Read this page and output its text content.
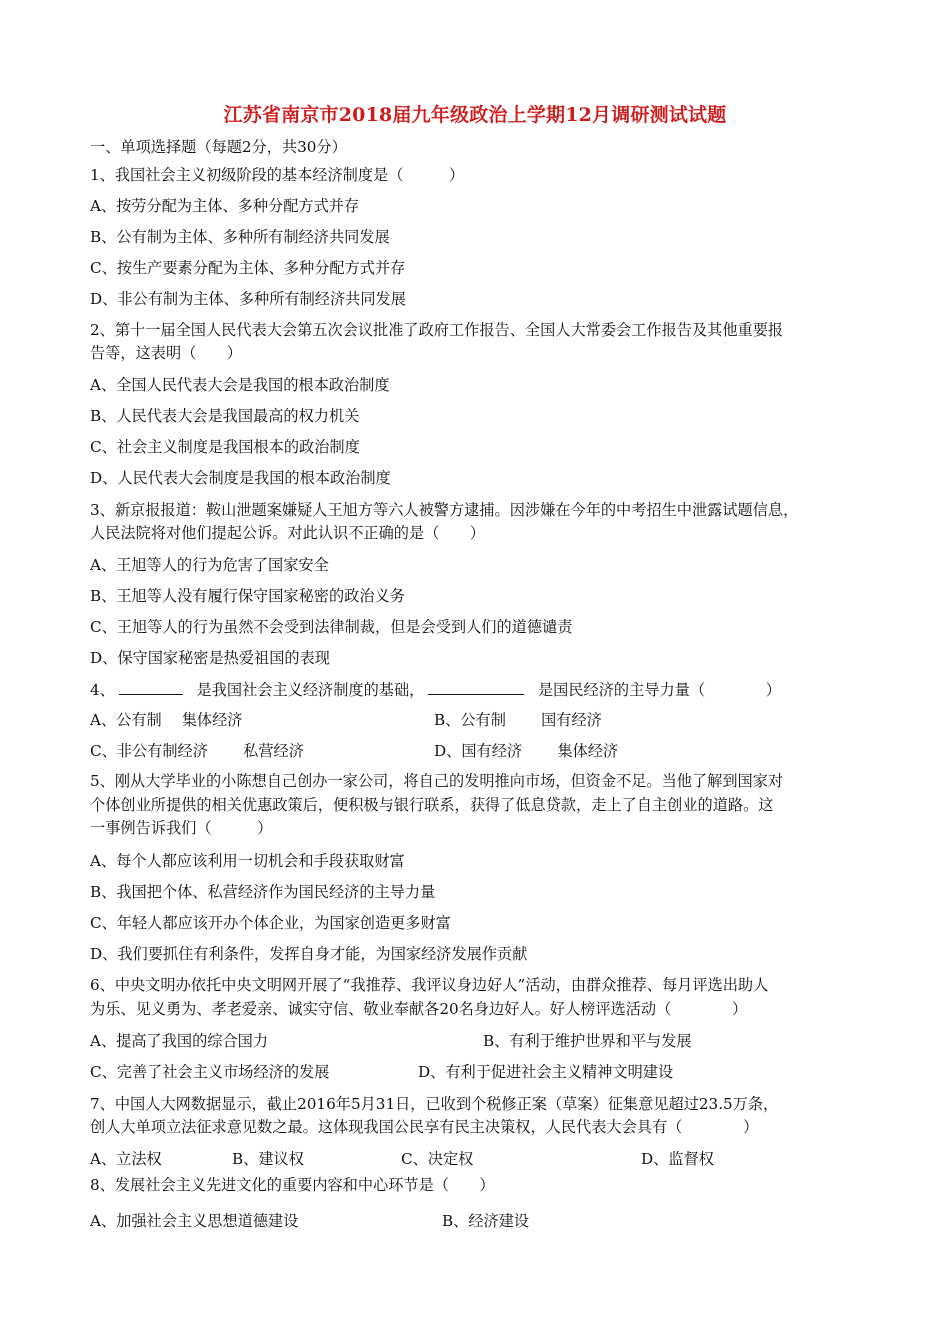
江苏省南京市2018届九年级政治上学期12月调研测试试题
一、单项选择题（每题2分，共30分）
1、我国社会主义初级阶段的基本经济制度是（　　　）
A、按劳分配为主体、多种分配方式并存
B、公有制为主体、多种所有制经济共同发展
C、按生产要素分配为主体、多种分配方式并存
D、非公有制为主体、多种所有制经济共同发展
2、第十一届全国人民代表大会第五次会议批准了政府工作报告、全国人大常委会工作报告及其他重要报
告等，这表明（　　）
A、全国人民代表大会是我国的根本政治制度
B、人民代表大会是我国最高的权力机关
C、社会主义制度是我国根本的政治制度
D、人民代表大会制度是我国的根本政治制度
3、新京报报道：鞍山泄题案嫌疑人王旭方等六人被警方逮捕。因涉嫌在今年的中考招生中泄露试题信息，
人民法院将对他们提起公诉。对此认识不正确的是（　　）
A、王旭等人的行为危害了国家安全
B、王旭等人没有履行保守国家秘密的政治义务
C、王旭等人的行为虽然不会受到法律制裁，但是会受到人们的道德谴责
D、保守国家秘密是热爱祖国的表现
4、	是我国社会主义经济制度的基础，	是国民经济的主导力量（　　　　）
A、公有制　 集体经济	B、公有制　　 国有经济
C、非公有制经济　　 私营经济	D、国有经济　　 集体经济
5、刚从大学毕业的小陈想自己创办一家公司，将自己的发明推向市场，但资金不足。当他了解到国家对
个体创业所提供的相关优惠政策后，便积极与银行联系，获得了低息贷款，走上了自主创业的道路。这
一事例告诉我们（　　　）
A、每个人都应该利用一切机会和手段获取财富
B、我国把个体、私营经济作为国民经济的主导力量
C、年轻人都应该开办个体企业，为国家创造更多财富
D、我们要抓住有利条件，发挥自身才能，为国家经济发展作贡献
6、中央文明办依托中央文明网开展了“我推荐、我评议身边好人”活动，由群众推荐、每月评选出助人
为乐、见义勇为、孝老爱亲、诚实守信、敬业奉献各20名身边好人。好人榜评选活动（　　　　）
A、提高了我国的综合国力	B、有利于维护世界和平与发展
C、完善了社会主义市场经济的发展	D、有利于促进社会主义精神文明建设
7、中国人大网数据显示，截止2016年5月31日，已收到个税修正案（草案）征集意见超过23.5万条，
创人大单项立法征求意见数之最。这体现我国公民享有民主决策权，人民代表大会具有（　　　　）
A、立法权	B、建议权	C、决定权	D、监督权
8、发展社会主义先进文化的重要内容和中心环节是（　　）
A、加强社会主义思想道德建设	B、经济建设
